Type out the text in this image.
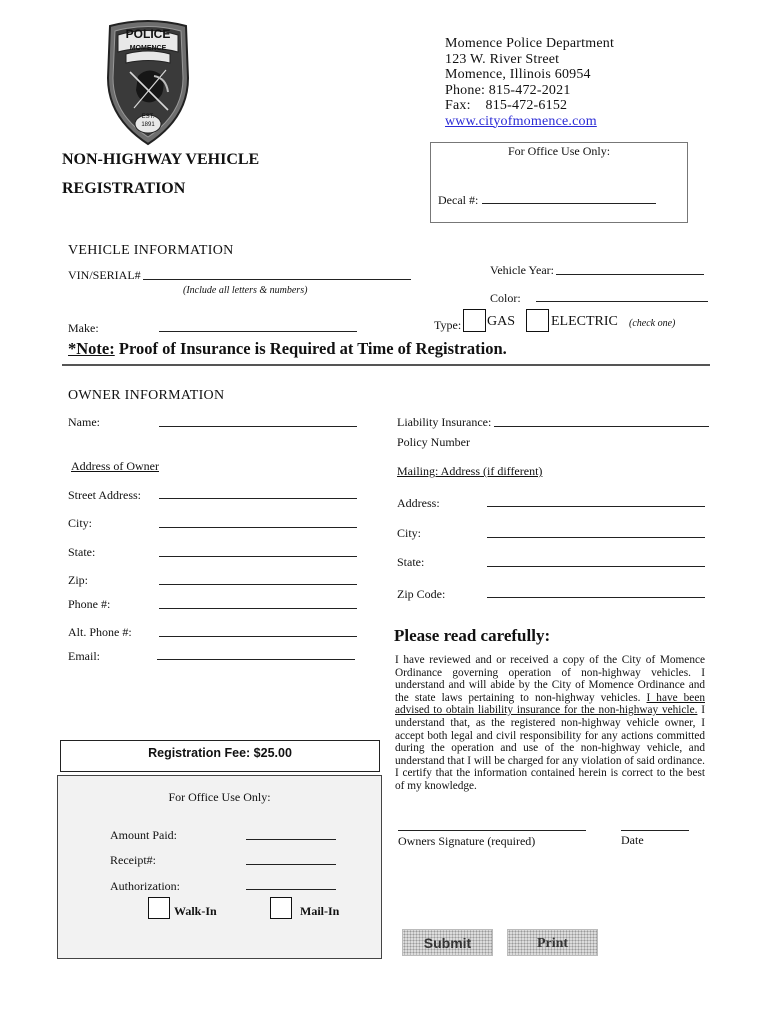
POLICE
MOMENCE
EST.
1891
Momence Police Department
123 W. River Street
Momence, Illinois 60954
Phone: 815-472-2021
Fax:    815-472-6152
www.cityofmomence.com
NON-HIGHWAY VEHICLE
REGISTRATION
For Office Use Only:
Decal #:
VEHICLE INFORMATION
VIN/SERIAL#
(Include all letters & numbers)
Vehicle Year:
Color:
Make:	Type: GAS	ELECTRIC (check one)
*Note: Proof of Insurance is Required at Time of Registration.
OWNER INFORMATION
Name:
Address of Owner
Street Address:
City:
State:
Zip:
Phone #:
Alt. Phone #:
Email:
Liability Insurance:
Policy Number
Mailing: Address (if different)
Address:
City:
State:
Zip Code:
Please read carefully:
I have reviewed and or received a copy of the City of Momence Ordinance governing operation of non-highway vehicles. I understand and will abide by the City of Momence Ordinance and the state laws pertaining to non-highway vehicles. I have been advised to obtain liability insurance for the non-highway vehicle. I understand that, as the registered non-highway vehicle owner, I accept both legal and civil responsibility for any actions committed during the operation and use of the non-highway vehicle, and understand that I will be charged for any violation of said ordinance. I certify that the information contained herein is correct to the best of my knowledge.
Registration Fee: $25.00
For Office Use Only:
Amount Paid:
Receipt#:
Authorization:
Walk-In	Mail-In
Owners Signature (required)	Date
Submit	Print
